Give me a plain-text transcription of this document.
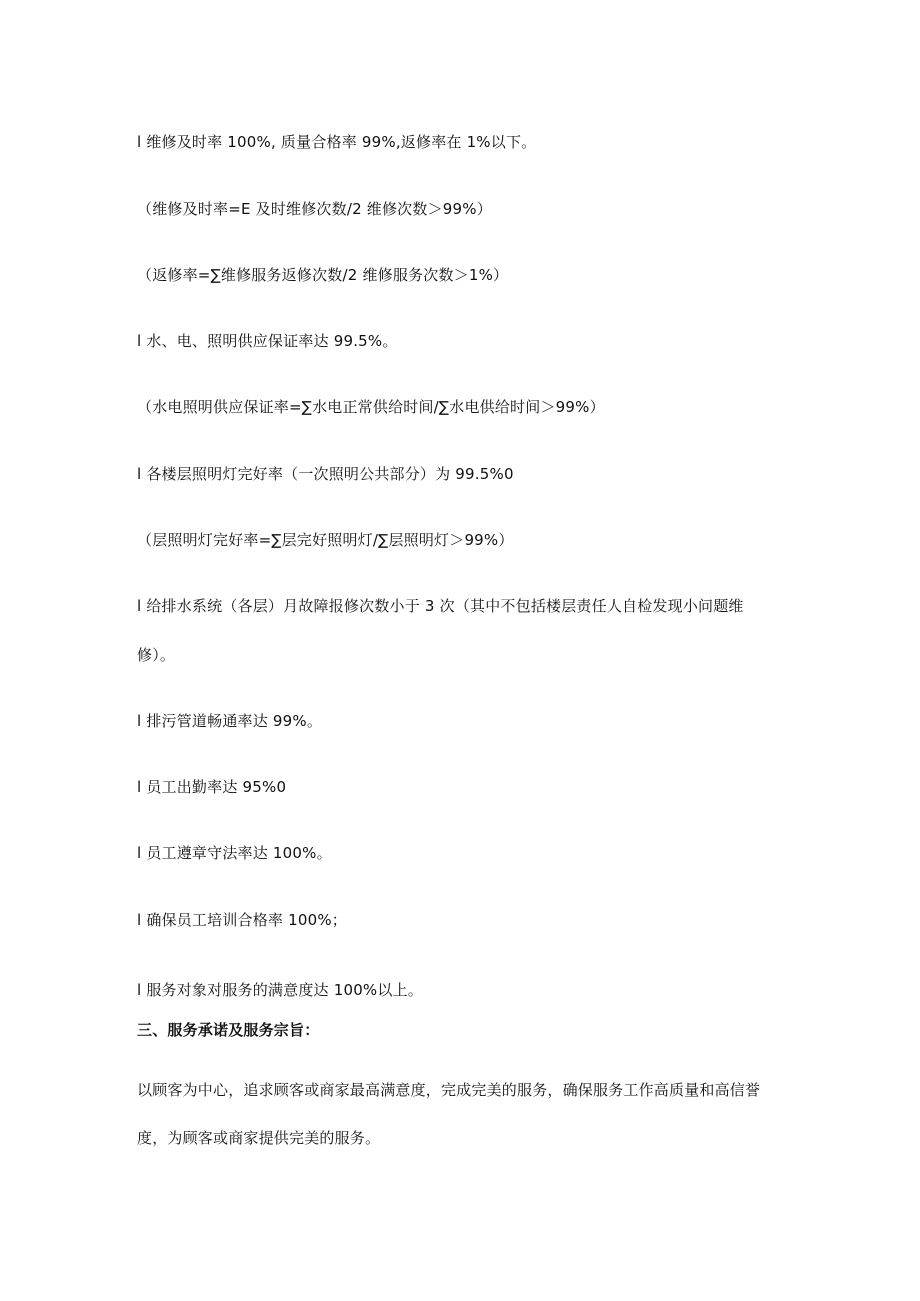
l 维修及时率 100%, 质量合格率 99%,返修率在 1%以下。
（维修及时率=E 及时维修次数/2 维修次数＞99%）
（返修率=∑维修服务返修次数/2 维修服务次数＞1%）
l 水、电、照明供应保证率达 99.5%。
（水电照明供应保证率=∑水电正常供给时间/∑水电供给时间＞99%）
l 各楼层照明灯完好率（一次照明公共部分）为 99.5%0
（层照明灯完好率=∑层完好照明灯/∑层照明灯＞99%）
l 给排水系统（各层）月故障报修次数小于 3 次（其中不包括楼层责任人自检发现小问题维
修）。
l 排污管道畅通率达 99%。
l 员工出勤率达 95%0
l 员工遵章守法率达 100%。
l 确保员工培训合格率 100%；
l 服务对象对服务的满意度达 100%以上。
三、服务承诺及服务宗旨：
以顾客为中心，追求顾客或商家最高满意度，完成完美的服务，确保服务工作高质量和高信誉
度，为顾客或商家提供完美的服务。
